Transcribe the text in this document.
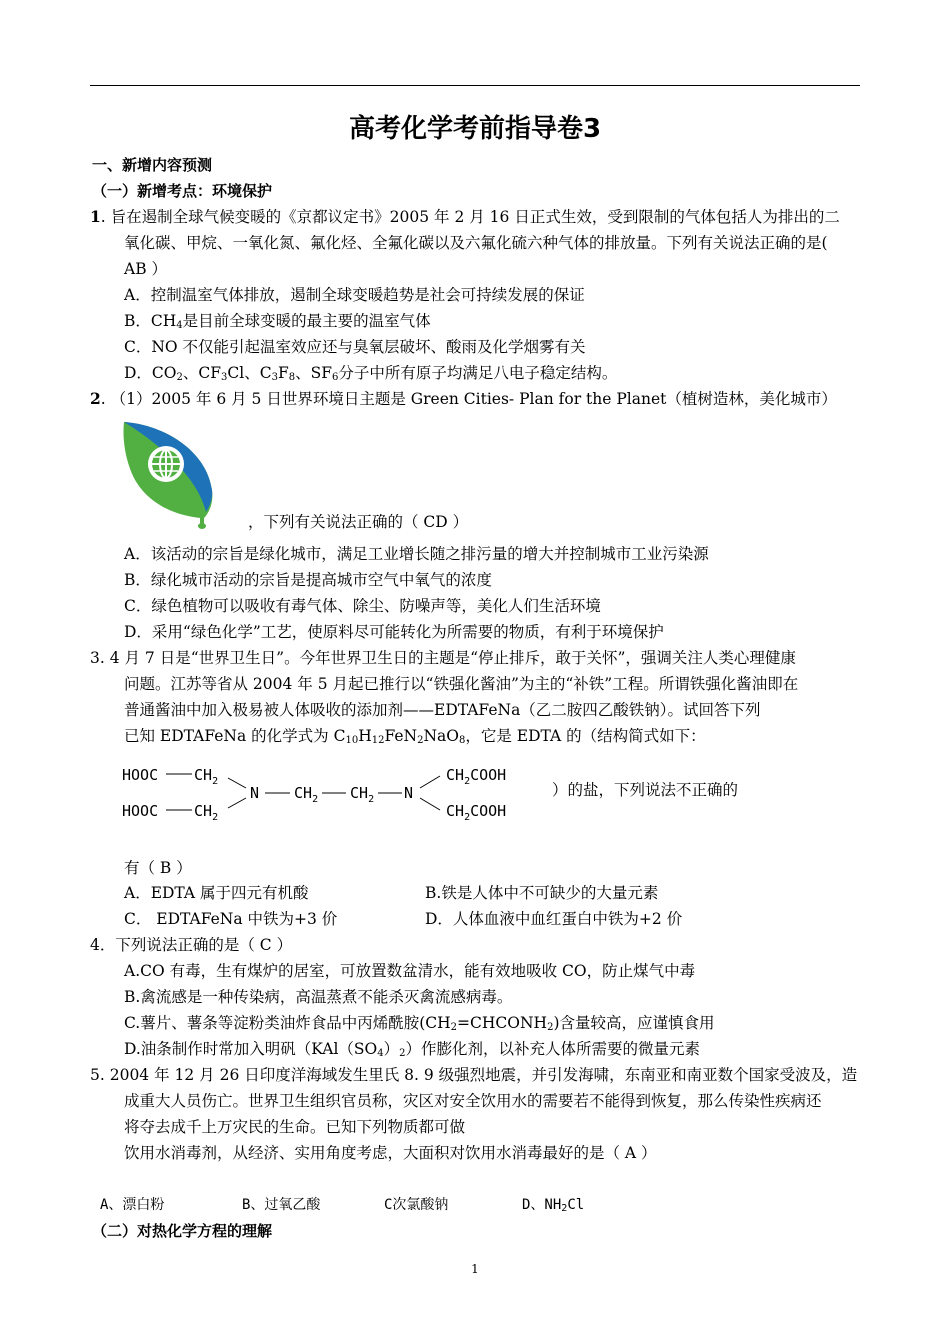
高考化学考前指导卷3
一、新增内容预测
（一）新增考点：环境保护
1. 旨在遏制全球气候变暖的《京都议定书》2005 年 2 月 16 日正式生效，受到限制的气体包括人为排出的二
氧化碳、甲烷、一氧化氮、氟化烃、全氟化碳以及六氟化硫六种气体的排放量。下列有关说法正确的是(
AB ）
A．控制温室气体排放，遏制全球变暖趋势是社会可持续发展的保证
B．$CH_4$是目前全球变暖的最主要的温室气体
C．NO 不仅能引起温室效应还与臭氧层破坏、酸雨及化学烟雾有关
D．$CO_2$、$CF_3Cl$、$C_3F_8$、$SF_6$分子中所有原子均满足八电子稳定结构。
2. （1）2005 年 6 月 5 日世界环境日主题是 Green Cities- Plan for the Planet（植树造林，美化城市）
，下列有关说法正确的（ CD ）
A．该活动的宗旨是绿化城市，满足工业增长随之排污量的增大并控制城市工业污染源
B．绿化城市活动的宗旨是提高城市空气中氧气的浓度
C．绿色植物可以吸收有毒气体、除尘、防噪声等，美化人们生活环境
D．采用“绿色化学”工艺，使原料尽可能转化为所需要的物质，有利于环境保护
3. 4 月 7 日是“世界卫生日”。今年世界卫生日的主题是“停止排斥，敢于关怀”，强调关注人类心理健康
问题。江苏等省从 2004 年 5 月起已推行以“铁强化酱油”为主的“补铁”工程。所谓铁强化酱油即在
普通酱油中加入极易被人体吸收的添加剂——EDTAFeNa（乙二胺四乙酸铁钠）。试回答下列
已知 EDTAFeNa 的化学式为 $C_{10}H_{12}FeN_2NaO_8$，它是 EDTA 的（结构简式如下：
HOOC
HOOC
$CH_2$
$CH_2$
N $CH_2$ $CH_2$ N
$CH_2COOH$
$CH_2COOH$
）的盐，下列说法不正确的
有（ B ）
A．EDTA 属于四元有机酸	B.铁是人体中不可缺少的大量元素
C． EDTAFeNa 中铁为+3 价	D．人体血液中血红蛋白中铁为+2 价
4．下列说法正确的是（ C ）
A.CO 有毒，生有煤炉的居室，可放置数盆清水，能有效地吸收 CO，防止煤气中毒
B.禽流感是一种传染病，高温蒸煮不能杀灭禽流感病毒。
C.薯片、薯条等淀粉类油炸食品中丙烯酰胺$(CH_2=CHCONH_2)$含量较高，应谨慎食用
D.油条制作时常加入明矾$(KAl(SO_4)_2)$作膨化剂，以补充人体所需要的微量元素
5. 2004 年 12 月 26 日印度洋海域发生里氏 8. 9 级强烈地震，并引发海啸，东南亚和南亚数个国家受波及，造
成重大人员伤亡。世界卫生组织官员称，灾区对安全饮用水的需要若不能得到恢复，那么传染性疾病还
将夺去成千上万灾民的生命。已知下列物质都可做
饮用水消毒剂，从经济、实用角度考虑，大面积对饮用水消毒最好的是（ A ）
A、漂白粉	B、过氧乙酸	C次氯酸钠	D、$NH_2Cl$
（二）对热化学方程的理解
1
